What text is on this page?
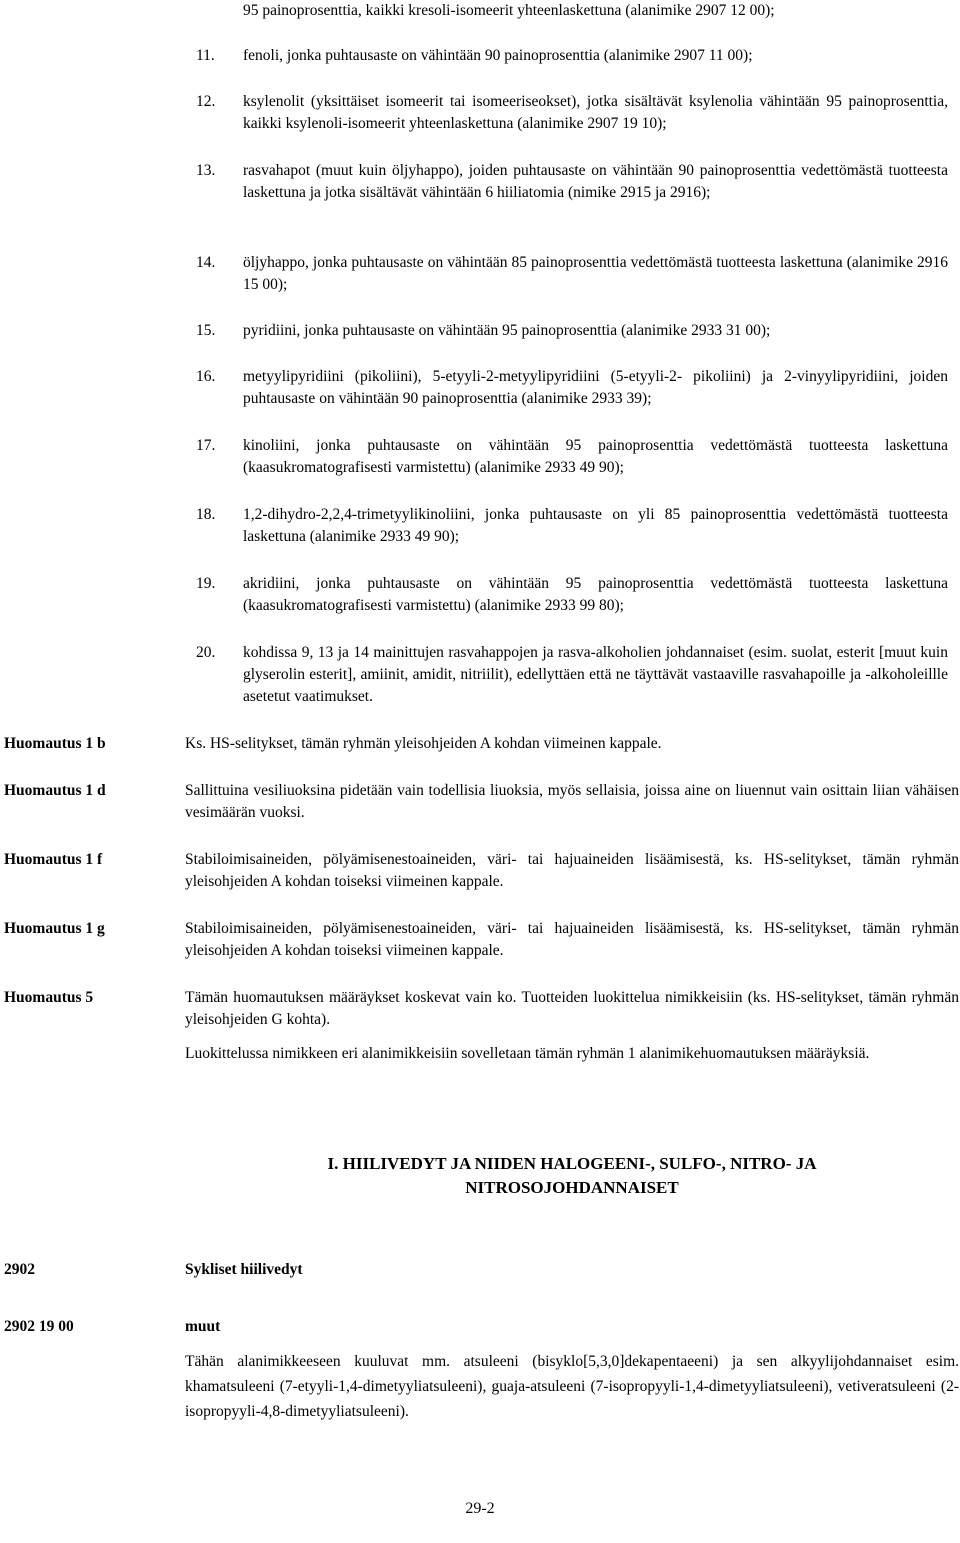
95 painoprosenttia, kaikki kresoli-isomeerit yhteenlaskettuna (alanimike 2907 12 00);
11.	fenoli, jonka puhtausaste on vähintään 90 painoprosenttia (alanimike 2907 11 00);
12.	ksylenolit (yksittäiset isomeerit tai isomeeriseokset), jotka sisältävät ksylenolia vähintään 95 painoprosenttia, kaikki ksylenoli-isomeerit yhteenlaskettuna (alanimike 2907 19 10);
13.	rasvahapot (muut kuin öljyhappo), joiden puhtausaste on vähintään 90 painoprosenttia vedettömästä tuotteesta laskettuna ja jotka sisältävät vähintään 6 hiiliatomia (nimike 2915 ja 2916);
14.	öljyhappo, jonka puhtausaste on vähintään 85 painoprosenttia vedettömästä tuotteesta laskettuna (alanimike 2916 15 00);
15.	pyridiini, jonka puhtausaste on vähintään 95 painoprosenttia (alanimike 2933 31 00);
16.	metyylipyridiini (pikoliini), 5-etyyli-2-metyylipyridiini (5-etyyli-2- pikoliini) ja 2-vinyylipyridiini, joiden puhtausaste on vähintään 90 painoprosenttia (alanimike 2933 39);
17.	kinoliini, jonka puhtausaste on vähintään 95 painoprosenttia vedettömästä tuotteesta laskettuna (kaasukromatografisesti varmistettu) (alanimike 2933 49 90);
18.	1,2-dihydro-2,2,4-trimetyylikinoliini, jonka puhtausaste on yli 85 painoprosenttia vedettömästä tuotteesta laskettuna (alanimike 2933 49 90);
19.	akridiini, jonka puhtausaste on vähintään 95 painoprosenttia vedettömästä tuotteesta laskettuna (kaasukromatografisesti varmistettu) (alanimike 2933 99 80);
20.	kohdissa 9, 13 ja 14 mainittujen rasvahappojen ja rasva-alkoholien johdannaiset (esim. suolat, esterit [muut kuin glyserolin esterit], amiinit, amidit, nitriilit), edellyttäen että ne täyttävät vastaaville rasvahapoille ja -alkoholeillle asetetut vaatimukset.
Huomautus 1 b	Ks. HS-selitykset, tämän ryhmän yleisohjeiden A kohdan viimeinen kappale.
Huomautus 1 d	Sallittuina vesiliuoksina pidetään vain todellisia liuoksia, myös sellaisia, joissa aine on liuennut vain osittain liian vähäisen vesimäärän vuoksi.
Huomautus 1 f	Stabiloimisaineiden, pölyämisenestoaineiden, väri- tai hajuaineiden lisäämisestä, ks. HS-selitykset, tämän ryhmän yleisohjeiden A kohdan toiseksi viimeinen kappale.
Huomautus 1 g	Stabiloimisaineiden, pölyämisenestoaineiden, väri- tai hajuaineiden lisäämisestä, ks. HS-selitykset, tämän ryhmän yleisohjeiden A kohdan toiseksi viimeinen kappale.
Huomautus 5	Tämän huomautuksen määräykset koskevat vain ko. Tuotteiden luokittelua nimikkeisiin (ks. HS-selitykset, tämän ryhmän yleisohjeiden G kohta).
Luokittelussa nimikkeen eri alanimikkeisiin sovelletaan tämän ryhmän 1 alanimikehuomautuksen määräyksiä.
I. HIILIVEDYT JA NIIDEN HALOGEENI-, SULFO-, NITRO- JA
NITROSOJOHDANNAISET
2902	Sykliset hiilivedyt
2902 19 00	muut
Tähän alanimikkeeseen kuuluvat mm. atsuleeni (bisyklo[5,3,0]dekapentaeeni) ja sen alkyylijohdannaiset esim. khamatsuleeni (7-etyyli-1,4-dimetyyliatsuleeni), guaja-atsuleeni (7-isopropyyli-1,4-dimetyyliatsuleeni), vetiveratsuleeni (2-isopropyyli-4,8-dimetyyliatsuleeni).
29-2
